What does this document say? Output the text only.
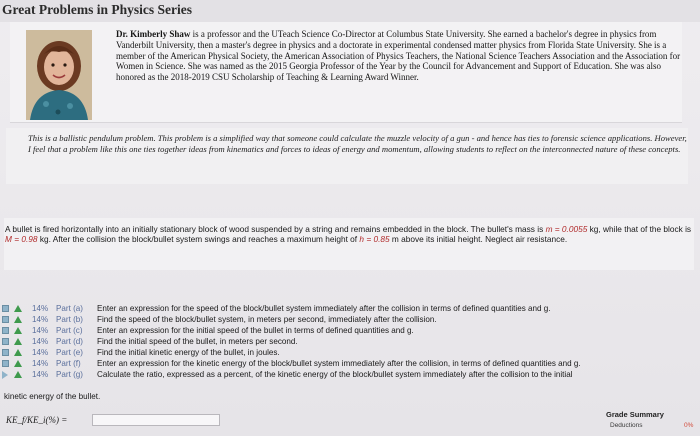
Great Problems in Physics Series
Dr. Kimberly Shaw is a professor and the UTeach Science Co-Director at Columbus State University. She earned a bachelor's degree in physics from Vanderbilt University, then a master's degree in physics and a doctorate in experimental condensed matter physics from Florida State University. She is a member of the American Physical Society, the American Association of Physics Teachers, the National Science Teachers Association and the Association for Women in Science. She was named as the 2015 Georgia Professor of the Year by the Council for Advancement and Support of Education. She was also honored as the 2018-2019 CSU Scholarship of Teaching & Learning Award Winner.
This is a ballistic pendulum problem. This problem is a simplified way that someone could calculate the muzzle velocity of a gun - and hence has ties to forensic science applications. However, I feel that a problem like this one ties together ideas from kinematics and forces to ideas of energy and momentum, allowing students to reflect on the interconnected nature of these concepts.
A bullet is fired horizontally into an initially stationary block of wood suspended by a string and remains embedded in the block. The bullet's mass is m = 0.0055 kg, while that of the block is M = 0.98 kg. After the collision the block/bullet system swings and reaches a maximum height of h = 0.85 m above its initial height. Neglect air resistance.
14% Part (a) Enter an expression for the speed of the block/bullet system immediately after the collision in terms of defined quantities and g.
14% Part (b) Find the speed of the block/bullet system, in meters per second, immediately after the collision.
14% Part (c) Enter an expression for the initial speed of the bullet in terms of defined quantities and g.
14% Part (d) Find the initial speed of the bullet, in meters per second.
14% Part (e) Find the initial kinetic energy of the bullet, in joules.
14% Part (f) Enter an expression for the kinetic energy of the block/bullet system immediately after the collision, in terms of defined quantities and g.
14% Part (g) Calculate the ratio, expressed as a percent, of the kinetic energy of the block/bullet system immediately after the collision to the initial
kinetic energy of the bullet.
KE_f/KE_i(%) =
Grade Summary
Deductions	0%
